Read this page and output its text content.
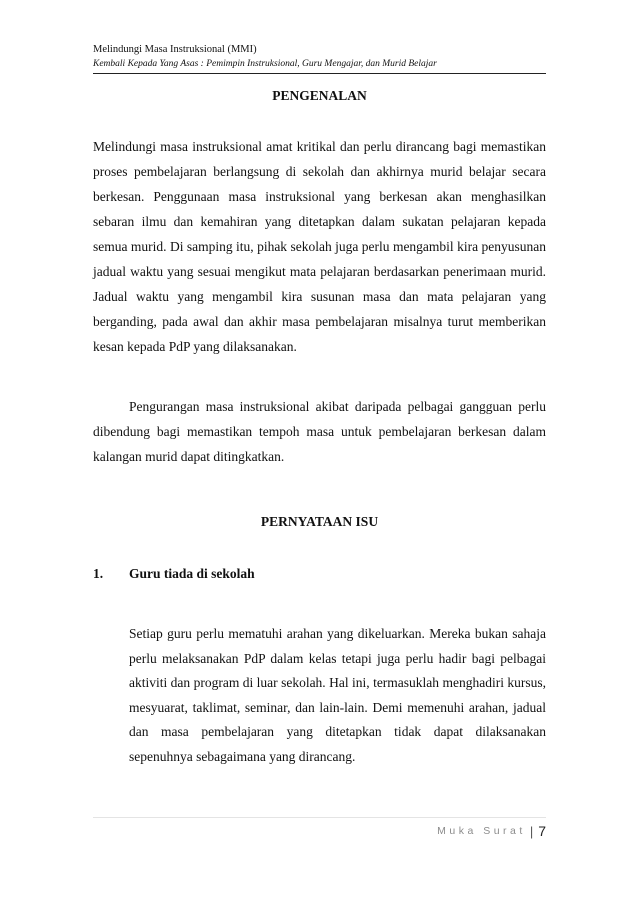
Melindungi Masa Instruksional (MMI)
Kembali Kepada Yang Asas : Pemimpin Instruksional, Guru Mengajar, dan Murid Belajar
PENGENALAN

Melindungi masa instruksional amat kritikal dan perlu dirancang bagi memastikan proses pembelajaran berlangsung di sekolah dan akhirnya murid belajar secara berkesan. Penggunaan masa instruksional yang berkesan akan menghasilkan sebaran ilmu dan kemahiran yang ditetapkan dalam sukatan pelajaran kepada semua murid. Di samping itu, pihak sekolah juga perlu mengambil kira penyusunan jadual waktu yang sesuai mengikut mata pelajaran berdasarkan penerimaan murid. Jadual waktu yang mengambil kira susunan masa dan mata pelajaran yang berganding, pada awal dan akhir masa pembelajaran misalnya turut memberikan kesan kepada PdP yang dilaksanakan.

Pengurangan masa instruksional akibat daripada pelbagai gangguan perlu dibendung bagi memastikan tempoh masa untuk pembelajaran berkesan dalam kalangan murid dapat ditingkatkan.

PERNYATAAN ISU
1. Guru tiada di sekolah

Setiap guru perlu mematuhi arahan yang dikeluarkan. Mereka bukan sahaja perlu melaksanakan PdP dalam kelas tetapi juga perlu hadir bagi pelbagai aktiviti dan program di luar sekolah. Hal ini, termasuklah menghadiri kursus, mesyuarat, taklimat, seminar, dan lain-lain. Demi memenuhi arahan, jadual dan masa pembelajaran yang ditetapkan tidak dapat dilaksanakan sepenuhnya sebagaimana yang dirancang.

Muka Surat | 7
